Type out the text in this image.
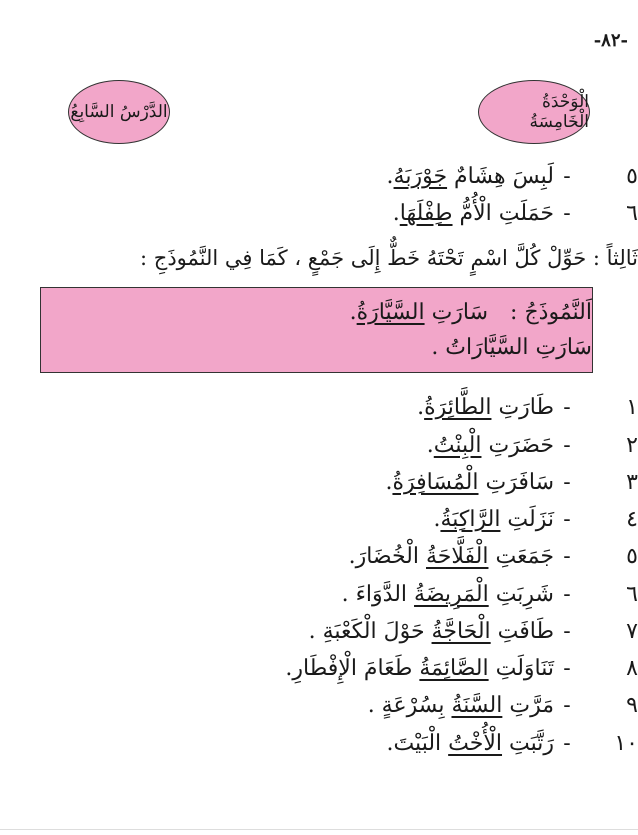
-٨٢-
الْوَحْدَةُ الْخَامِسَةُ
الدَّرْسُ السَّابِعُ
٥-لَبِسَ هِشَامٌ جَوْرَبَهُ.
٦-حَمَلَتِ الْأُمُّ طِفْلَهَا.
ثَالِثاً : حَوِّلْ كُلَّ اسْمٍ تَحْتَهُ خَطٌّ إِلَى جَمْعٍ ، كَمَا فِي النَّمُوذَجِ :
اَلنَّمُوذَجُ :سَارَتِ السَّيَّارَةُ.
سَارَتِ السَّيَّارَاتُ .
١-طَارَتِ الطَّائِرَةُ.
٢-حَضَرَتِ الْبِنْتُ.
٣-سَافَرَتِ الْمُسَافِرَةُ.
٤-نَزَلَتِ الرَّاكِبَةُ.
٥-جَمَعَتِ الْفَلَّاحَةُ الْخُضَارَ.
٦-شَرِبَتِ الْمَرِيضَةُ الدَّوَاءَ .
٧-طَافَتِ الْحَاجَّةُ حَوْلَ الْكَعْبَةِ .
٨-تَنَاوَلَتِ الصَّائِمَةُ طَعَامَ الْإِفْطَارِ.
٩-مَرَّتِ السَّنَةُ بِسُرْعَةٍ .
١٠-رَتَّبَتِ الْأُخْتُ الْبَيْتَ.
